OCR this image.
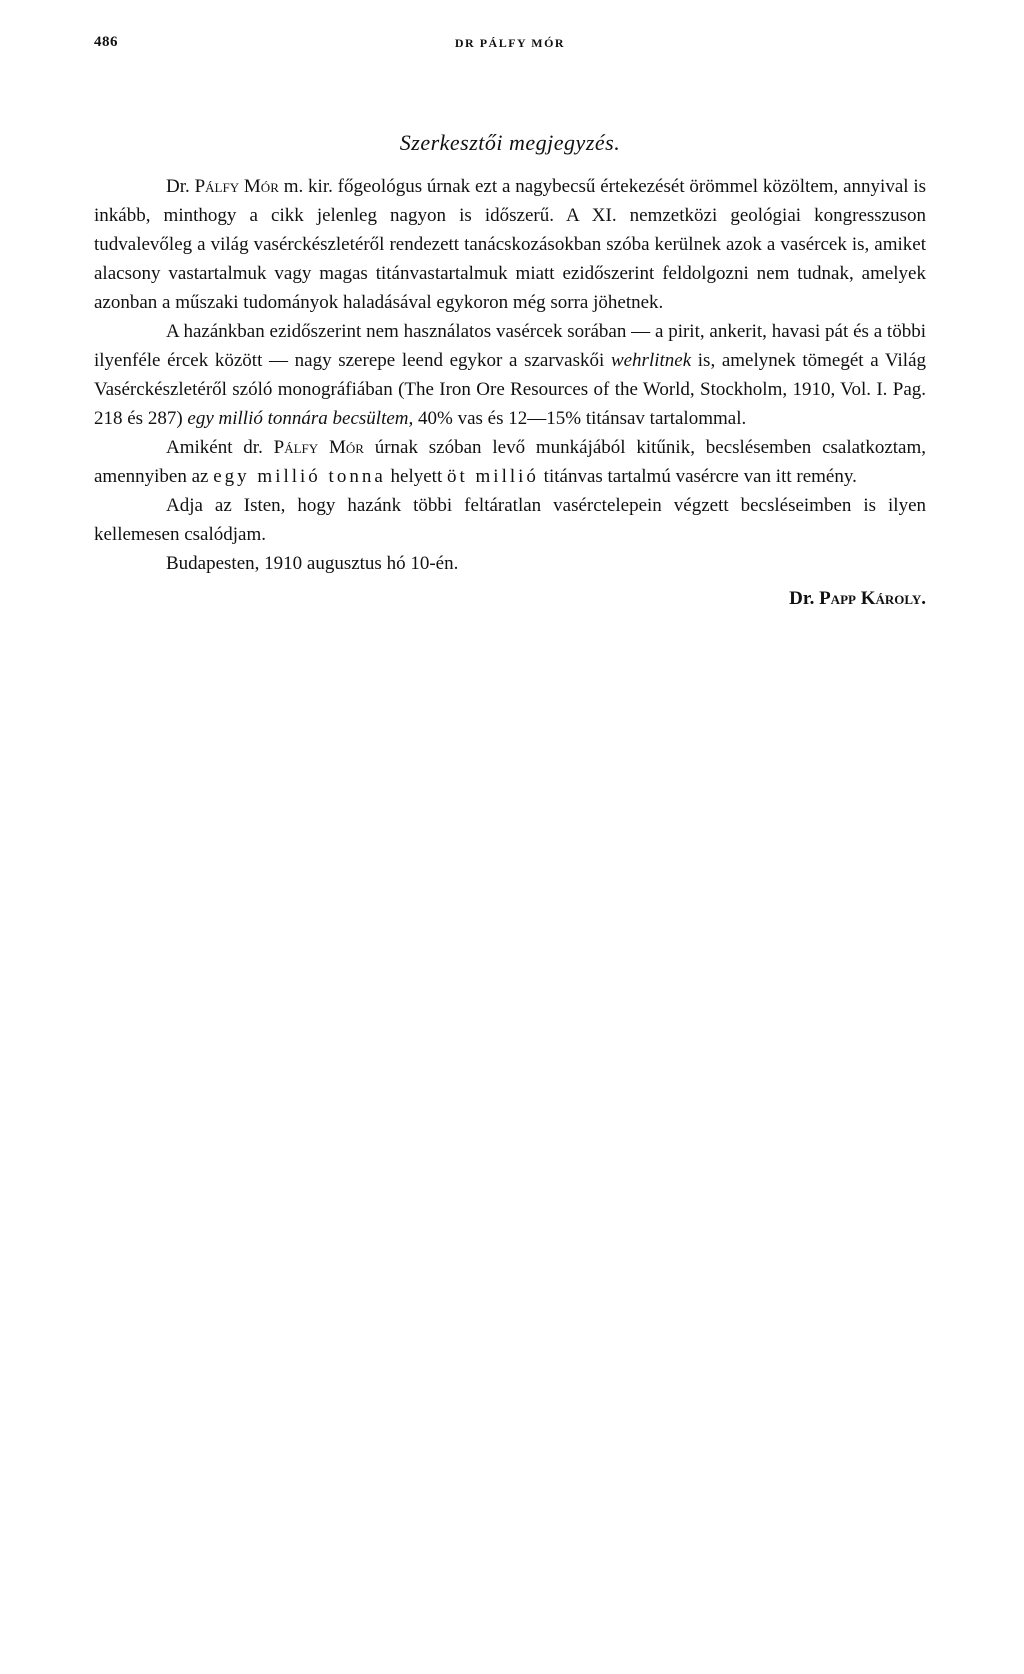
486	DR PÁLFY MÓR
Szerkesztői megjegyzés.

Dr. Pálfy Mór m. kir. főgeológus úrnak ezt a nagybecsű értekezését örömmel közöltem, annyival is inkább, minthogy a cikk jelenleg nagyon is időszerű. A XI. nemzetközi geológiai kongresszuson tudvalevőleg a világ vasérckészletéről rendezett tanácskozásokban szóba kerülnek azok a vasércek is, amiket alacsony vastartalmuk vagy magas titánvastartalmuk miatt ezidőszerint feldolgozni nem tudnak, amelyek azonban a műszaki tudományok haladásával egykoron még sorra jöhetnek.

A hazánkban ezidőszerint nem használatos vasércek sorában — a pirit, ankerit, havasi pát és a többi ilyenféle ércek között — nagy szerepe leend egykor a szarvaskői wehrlitnek is, amelynek tömegét a Világ Vasérckészletéről szóló monográfiában (The Iron Ore Resources of the World, Stockholm, 1910, Vol. I. Pag. 218 és 287) egy millió tonnára becsültem, 40% vas és 12—15% titánsav tartalommal.

Amiként dr. Pálfy Mór úrnak szóban levő munkájából kitűnik, becslésemben csalatkoztam, amennyiben az egy millió tonna helyett öt millió titánvas tartalmú vasércre van itt remény.

Adja az Isten, hogy hazánk többi feltáratlan vasérctelepein végzett becsléseimben is ilyen kellemesen csalódjam.

Budapesten, 1910 augusztus hó 10-én.

Dr. Papp Károly.
